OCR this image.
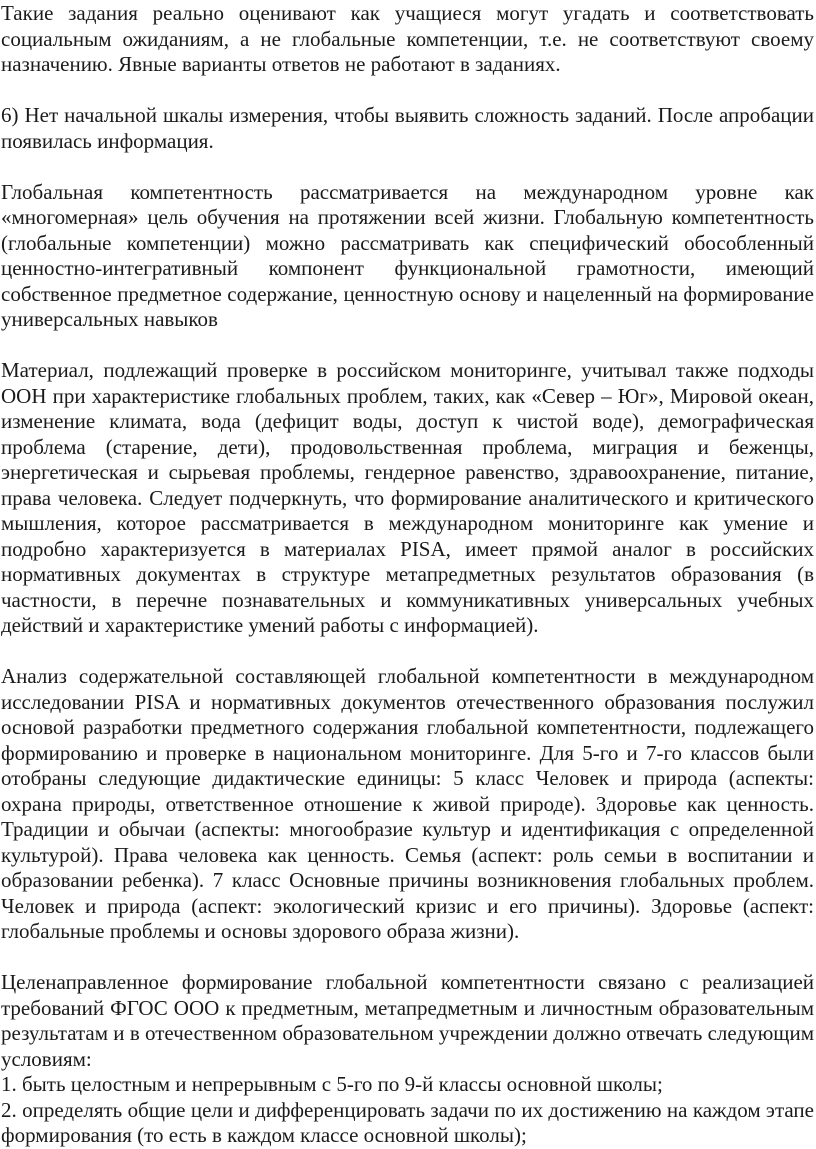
Такие задания реально оценивают как учащиеся могут угадать и соответствовать социальным ожиданиям, а не глобальные компетенции, т.е. не соответствуют своему назначению. Явные варианты ответов не работают в заданиях.

6) Нет начальной шкалы измерения, чтобы выявить сложность заданий. После апробации появилась информация.

Глобальная компетентность рассматривается на международном уровне как «многомерная» цель обучения на протяжении всей жизни. Глобальную компетентность (глобальные компетенции) можно рассматривать как специфический обособленный ценностно-интегративный компонент функциональной грамотности, имеющий собственное предметное содержание, ценностную основу и нацеленный на формирование универсальных навыков

Материал, подлежащий проверке в российском мониторинге, учитывал также подходы ООН при характеристике глобальных проблем, таких, как «Север – Юг», Мировой океан, изменение климата, вода (дефицит воды, доступ к чистой воде), демографическая проблема (старение, дети), продовольственная проблема, миграция и беженцы, энергетическая и сырьевая проблемы, гендерное равенство, здравоохранение, питание, права человека. Следует подчеркнуть, что формирование аналитического и критического мышления, которое рассматривается в международном мониторинге как умение и подробно характеризуется в материалах PISA, имеет прямой аналог в российских нормативных документах в структуре метапредметных результатов образования (в частности, в перечне познавательных и коммуникативных универсальных учебных действий и характеристике умений работы с информацией).

Анализ содержательной составляющей глобальной компетентности в международном исследовании PISA и нормативных документов отечественного образования послужил основой разработки предметного содержания глобальной компетентности, подлежащего формированию и проверке в национальном мониторинге. Для 5-го и 7-го классов были отобраны следующие дидактические единицы: 5 класс Человек и природа (аспекты: охрана природы, ответственное отношение к живой природе). Здоровье как ценность. Традиции и обычаи (аспекты: многообразие культур и идентификация с определенной культурой). Права человека как ценность. Семья (аспект: роль семьи в воспитании и образовании ребенка). 7 класс Основные причины возникновения глобальных проблем. Человек и природа (аспект: экологический кризис и его причины). Здоровье (аспект: глобальные проблемы и основы здорового образа жизни).

Целенаправленное формирование глобальной компетентности связано с реализацией требований ФГОС ООО к предметным, метапредметным и личностным образовательным результатам и в отечественном образовательном учреждении должно отвечать следующим условиям:

1. быть целостным и непрерывным с 5-го по 9-й классы основной школы;

2. определять общие цели и дифференцировать задачи по их достижению на каждом этапе формирования (то есть в каждом классе основной школы);
